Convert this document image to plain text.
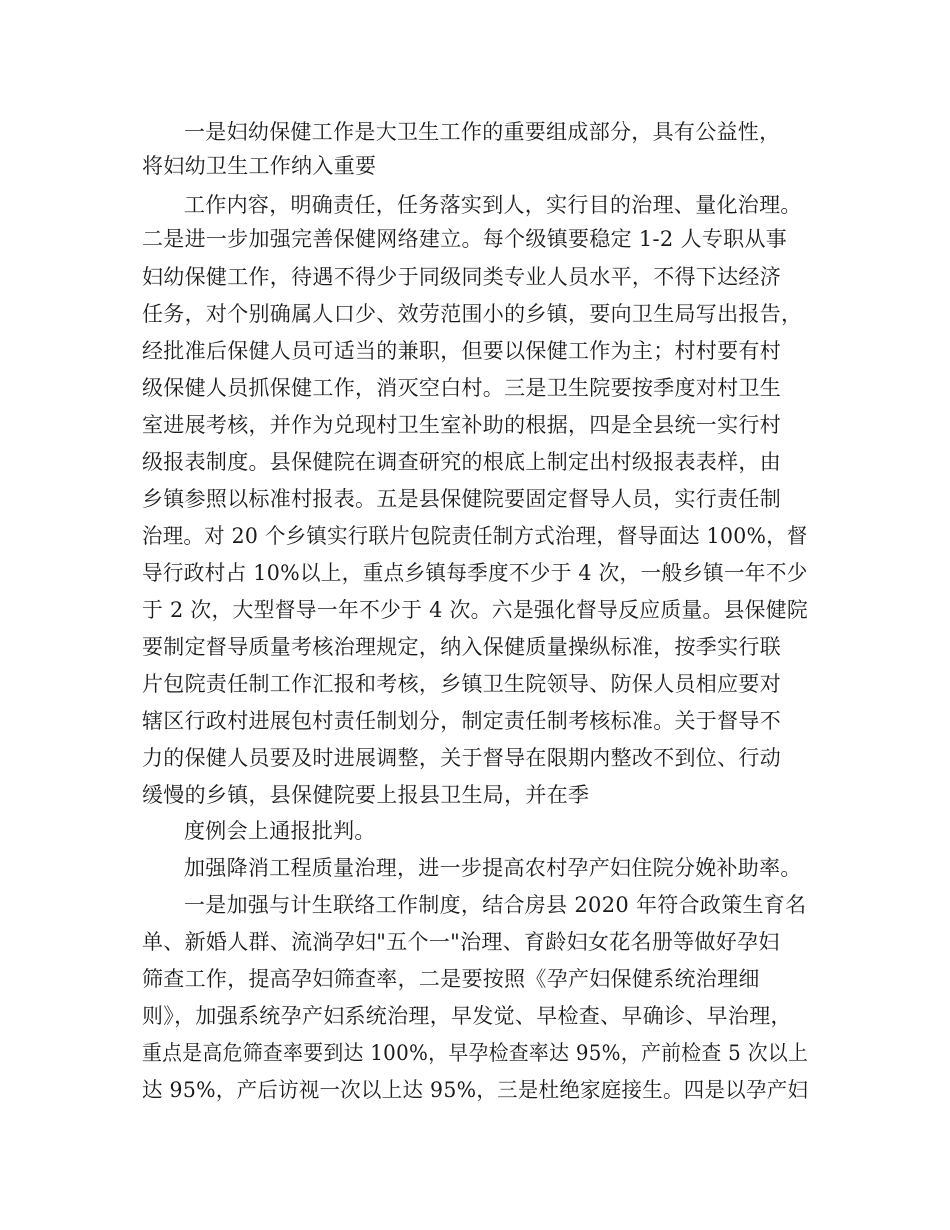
一是妇幼保健工作是大卫生工作的重要组成部分，具有公益性，

将妇幼卫生工作纳入重要

工作内容，明确责任，任务落实到人，实行目的治理、量化治理。

二是进一步加强完善保健网络建立。每个级镇要稳定 1-2 人专职从事

妇幼保健工作，待遇不得少于同级同类专业人员水平，不得下达经济

任务，对个别确属人口少、效劳范围小的乡镇，要向卫生局写出报告，

经批准后保健人员可适当的兼职，但要以保健工作为主；村村要有村

级保健人员抓保健工作，消灭空白村。三是卫生院要按季度对村卫生

室进展考核，并作为兑现村卫生室补助的根据，四是全县统一实行村

级报表制度。县保健院在调查研究的根底上制定出村级报表表样，由

乡镇参照以标准村报表。五是县保健院要固定督导人员，实行责任制

治理。对 20 个乡镇实行联片包院责任制方式治理，督导面达 100%，督

导行政村占 10%以上，重点乡镇每季度不少于 4 次，一般乡镇一年不少

于 2 次，大型督导一年不少于 4 次。六是强化督导反应质量。县保健院

要制定督导质量考核治理规定，纳入保健质量操纵标准，按季实行联

片包院责任制工作汇报和考核，乡镇卫生院领导、防保人员相应要对

辖区行政村进展包村责任制划分，制定责任制考核标准。关于督导不

力的保健人员要及时进展调整，关于督导在限期内整改不到位、行动

缓慢的乡镇，县保健院要上报县卫生局，并在季

度例会上通报批判。

加强降消工程质量治理，进一步提高农村孕产妇住院分娩补助率。

一是加强与计生联络工作制度，结合房县 2020 年符合政策生育名

单、新婚人群、流淌孕妇"五个一"治理、育龄妇女花名册等做好孕妇

筛查工作，提高孕妇筛查率，二是要按照《孕产妇保健系统治理细

则》，加强系统孕产妇系统治理，早发觉、早检查、早确诊、早治理，

重点是高危筛查率要到达 100%，早孕检查率达 95%，产前检查 5 次以上

达 95%，产后访视一次以上达 95%，三是杜绝家庭接生。四是以孕产妇
